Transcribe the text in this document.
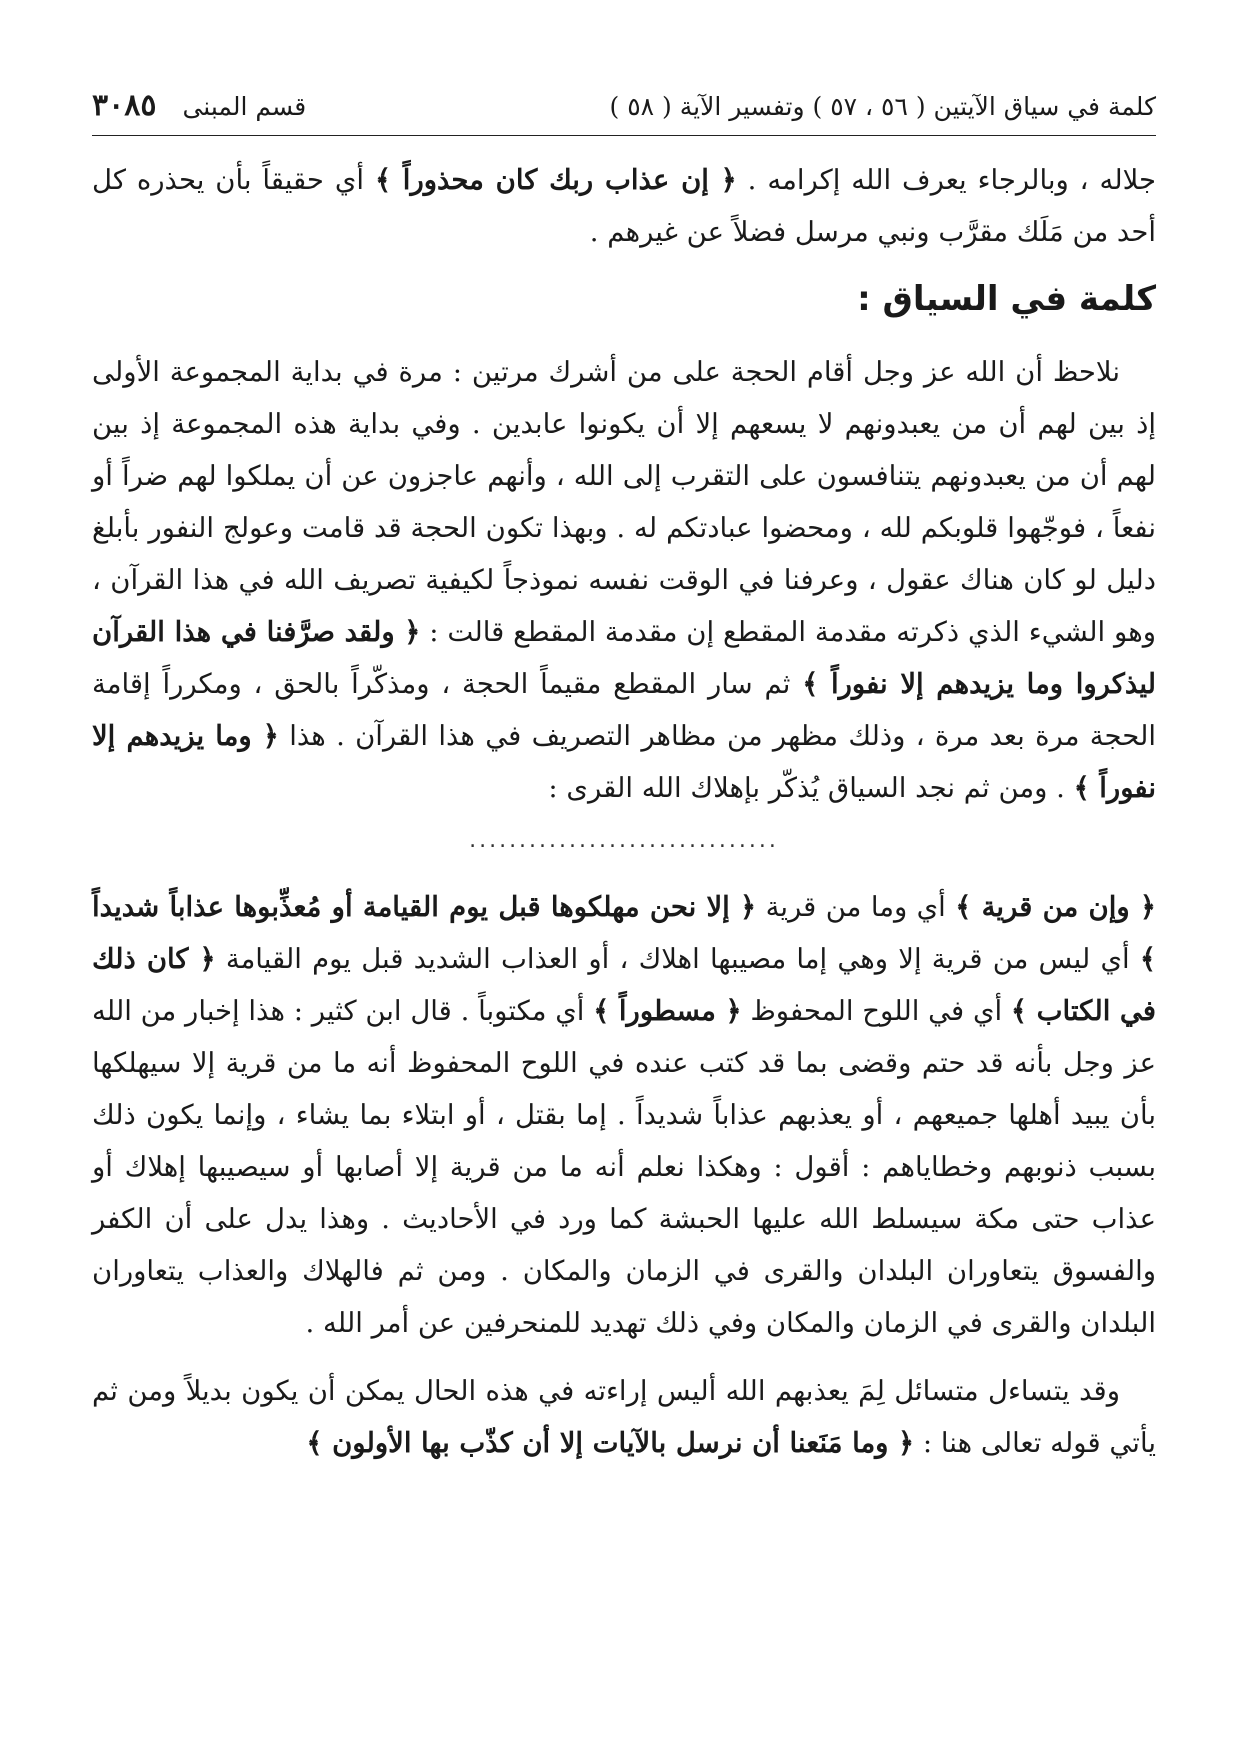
كلمة في سياق الآيتين ( ٥٦ ، ٥٧ ) وتفسير الآية ( ٥٨ )
قسم المبنى
٣٠٨٥

جلاله ، وبالرجاء يعرف الله إكرامه . ﴿ إن عذاب ربك كان محذوراً ﴾ أي حقيقاً بأن يحذره كل أحد من مَلَك مقرَّب ونبي مرسل فضلاً عن غيرهم .

كلمة في السياق :

نلاحظ أن الله عز وجل أقام الحجة على من أشرك مرتين : مرة في بداية المجموعة الأولى إذ بين لهم أن من يعبدونهم لا يسعهم إلا أن يكونوا عابدين . وفي بداية هذه المجموعة إذ بين لهم أن من يعبدونهم يتنافسون على التقرب إلى الله ، وأنهم عاجزون عن أن يملكوا لهم ضراً أو نفعاً ، فوجّهوا قلوبكم لله ، ومحضوا عبادتكم له . وبهذا تكون الحجة قد قامت وعولج النفور بأبلغ دليل لو كان هناك عقول ، وعرفنا في الوقت نفسه نموذجاً لكيفية تصريف الله في هذا القرآن ، وهو الشيء الذي ذكرته مقدمة المقطع إن مقدمة المقطع قالت : ﴿ ولقد صرَّفنا في هذا القرآن ليذكروا وما يزيدهم إلا نفوراً ﴾ ثم سار المقطع مقيماً الحجة ، ومذكّراً بالحق ، ومكرراً إقامة الحجة مرة بعد مرة ، وذلك مظهر من مظاهر التصريف في هذا القرآن . هذا ﴿ وما يزيدهم إلا نفوراً ﴾ . ومن ثم نجد السياق يُذكّر بإهلاك الله القرى :

...............................

﴿ وإن من قرية ﴾ أي وما من قرية ﴿ إلا نحن مهلكوها قبل يوم القيامة أو مُعذِّبوها عذاباً شديداً ﴾ أي ليس من قرية إلا وهي إما مصيبها اهلاك ، أو العذاب الشديد قبل يوم القيامة ﴿ كان ذلك في الكتاب ﴾ أي في اللوح المحفوظ ﴿ مسطوراً ﴾ أي مكتوباً . قال ابن كثير : هذا إخبار من الله عز وجل بأنه قد حتم وقضى بما قد كتب عنده في اللوح المحفوظ أنه ما من قرية إلا سيهلكها بأن يبيد أهلها جميعهم ، أو يعذبهم عذاباً شديداً . إما بقتل ، أو ابتلاء بما يشاء ، وإنما يكون ذلك بسبب ذنوبهم وخطاياهم : أقول : وهكذا نعلم أنه ما من قرية إلا أصابها أو سيصيبها إهلاك أو عذاب حتى مكة سيسلط الله عليها الحبشة كما ورد في الأحاديث . وهذا يدل على أن الكفر والفسوق يتعاوران البلدان والقرى في الزمان والمكان . ومن ثم فالهلاك والعذاب يتعاوران البلدان والقرى في الزمان والمكان وفي ذلك تهديد للمنحرفين عن أمر الله .

وقد يتساءل متسائل لِمَ يعذبهم الله أليس إراءته في هذه الحال يمكن أن يكون بديلاً ومن ثم يأتي قوله تعالى هنا : ﴿ وما مَنَعنا أن نرسل بالآيات إلا أن كذّب بها الأولون ﴾
